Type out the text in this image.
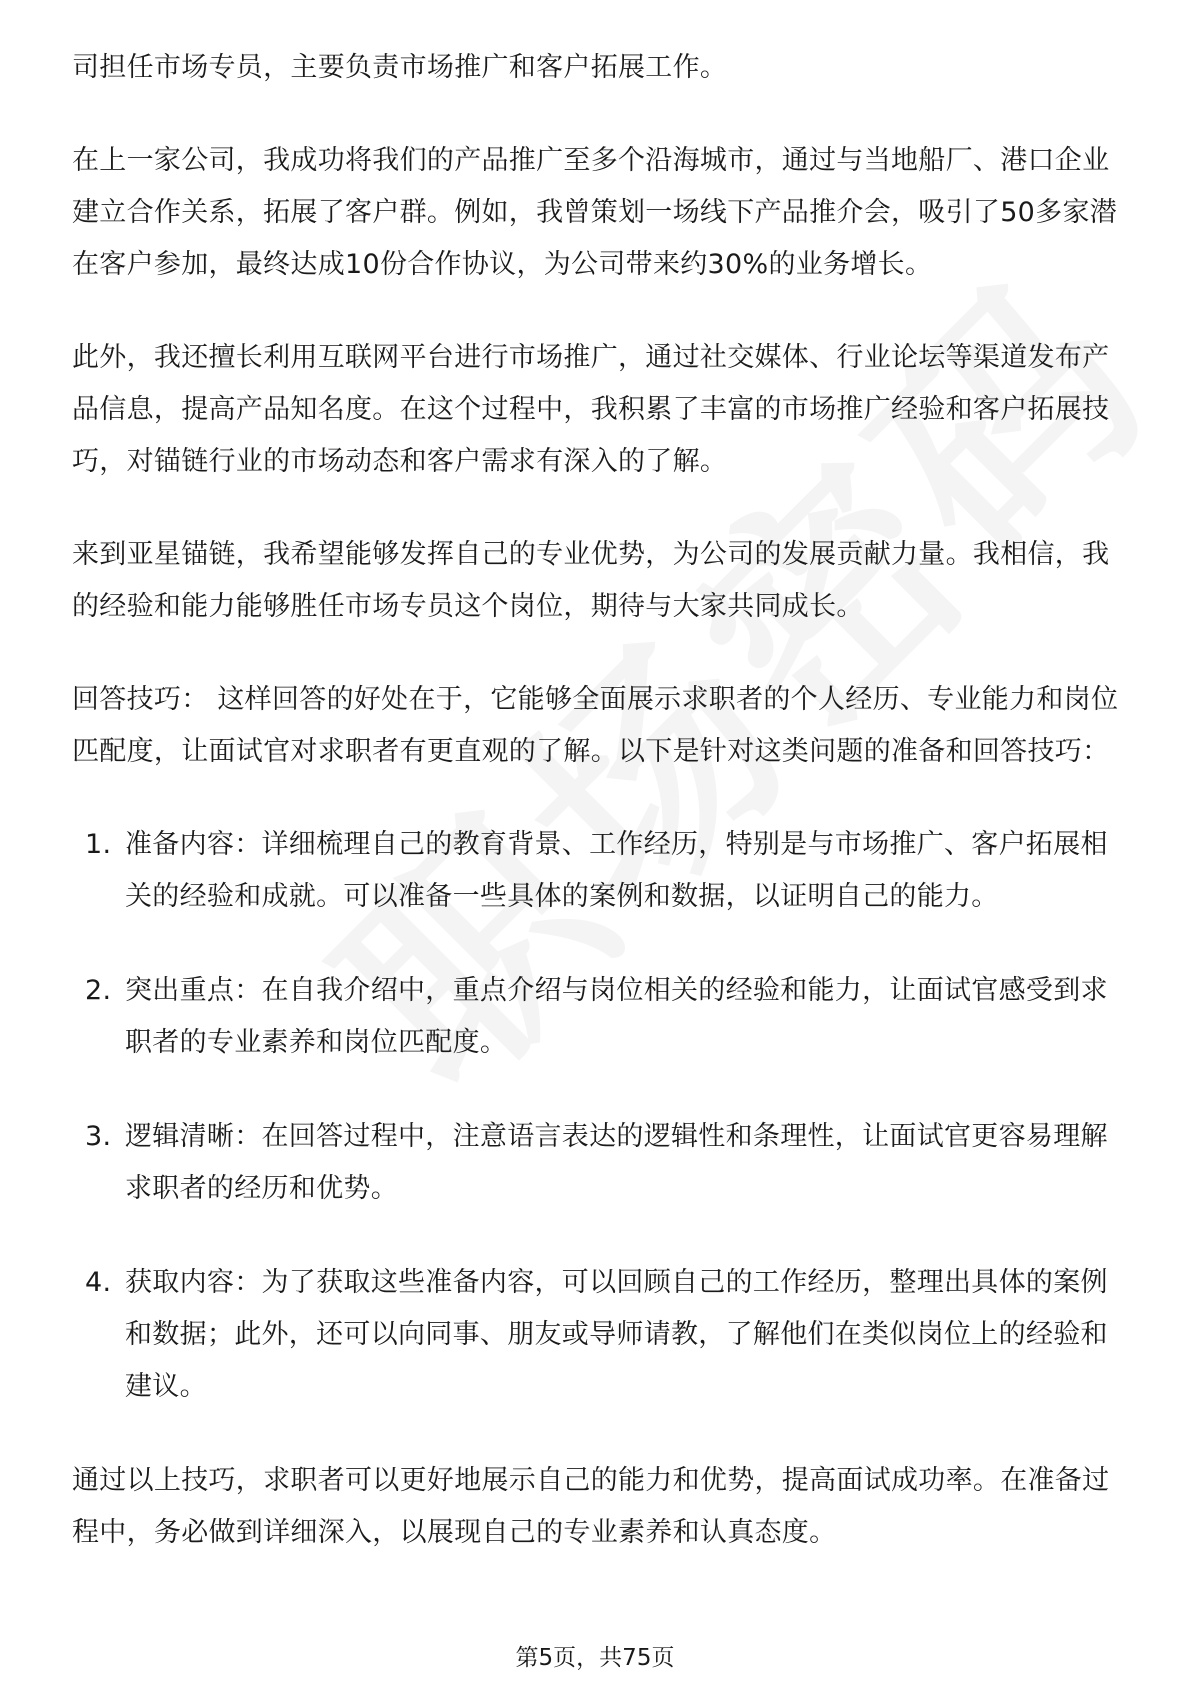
司担任市场专员，主要负责市场推广和客户拓展工作。

在上一家公司，我成功将我们的产品推广至多个沿海城市，通过与当地船厂、港口企业建立合作关系，拓展了客户群。例如，我曾策划一场线下产品推介会，吸引了50多家潜在客户参加，最终达成10份合作协议，为公司带来约30%的业务增长。

此外，我还擅长利用互联网平台进行市场推广，通过社交媒体、行业论坛等渠道发布产品信息，提高产品知名度。在这个过程中，我积累了丰富的市场推广经验和客户拓展技巧，对锚链行业的市场动态和客户需求有深入的了解。

来到亚星锚链，我希望能够发挥自己的专业优势，为公司的发展贡献力量。我相信，我的经验和能力能够胜任市场专员这个岗位，期待与大家共同成长。

回答技巧： 这样回答的好处在于，它能够全面展示求职者的个人经历、专业能力和岗位匹配度，让面试官对求职者有更直观的了解。以下是针对这类问题的准备和回答技巧：

1. 准备内容：详细梳理自己的教育背景、工作经历，特别是与市场推广、客户拓展相关的经验和成就。可以准备一些具体的案例和数据，以证明自己的能力。
2. 突出重点：在自我介绍中，重点介绍与岗位相关的经验和能力，让面试官感受到求职者的专业素养和岗位匹配度。
3. 逻辑清晰：在回答过程中，注意语言表达的逻辑性和条理性，让面试官更容易理解求职者的经历和优势。
4. 获取内容：为了获取这些准备内容，可以回顾自己的工作经历，整理出具体的案例和数据；此外，还可以向同事、朋友或导师请教，了解他们在类似岗位上的经验和建议。

通过以上技巧，求职者可以更好地展示自己的能力和优势，提高面试成功率。在准备过程中，务必做到详细深入，以展现自己的专业素养和认真态度。

第5页，共75页
